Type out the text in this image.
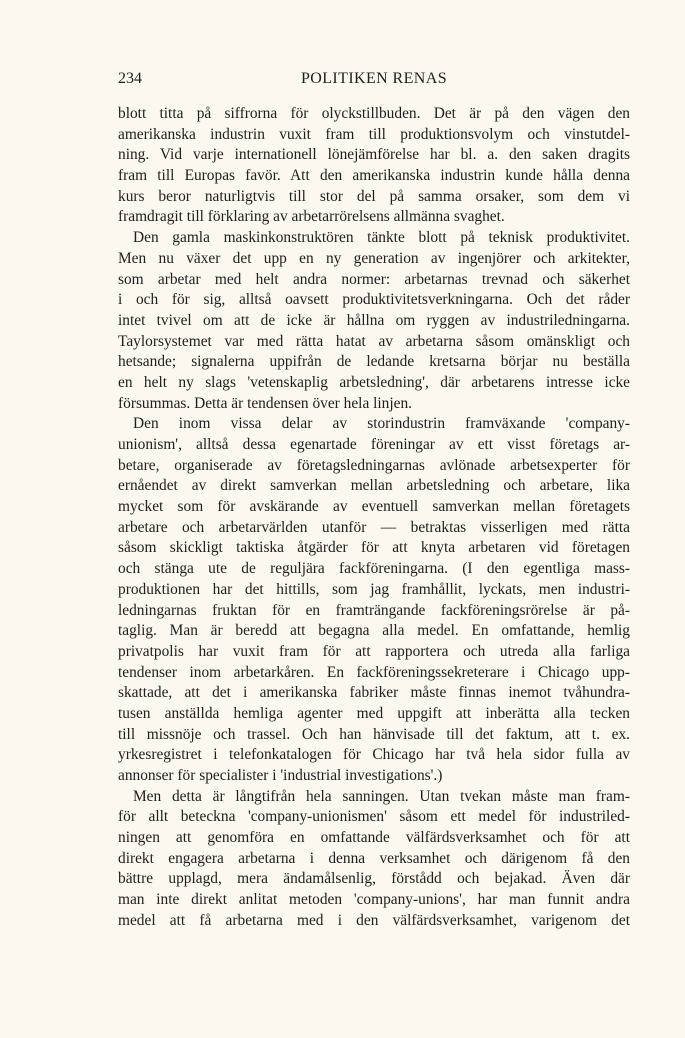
234	POLITIKEN RENAS
blott titta på siffrorna för olyckstillbuden. Det är på den vägen den
amerikanska industrin vuxit fram till produktionsvolym och vinstutdel-
ning. Vid varje internationell lönejämförelse har bl. a. den saken dragits
fram till Europas favör. Att den amerikanska industrin kunde hålla denna
kurs beror naturligtvis till stor del på samma orsaker, som dem vi
framdragit till förklaring av arbetarrörelsens allmänna svaghet.
Den gamla maskinkonstruktören tänkte blott på teknisk produktivitet.
Men nu växer det upp en ny generation av ingenjörer och arkitekter,
som arbetar med helt andra normer: arbetarnas trevnad och säkerhet
i och för sig, alltså oavsett produktivitetsverkningarna. Och det råder
intet tvivel om att de icke är hållna om ryggen av industriledningarna.
Taylorsystemet var med rätta hatat av arbetarna såsom omänskligt och
hetsande; signalerna uppifrån de ledande kretsarna börjar nu beställa
en helt ny slags 'vetenskaplig arbetsledning', där arbetarens intresse icke
försummas. Detta är tendensen över hela linjen.
Den inom vissa delar av storindustrin framväxande 'company-
unionism', alltså dessa egenartade föreningar av ett visst företags ar-
betare, organiserade av företagsledningarnas avlönade arbetsexperter för
ernåendet av direkt samverkan mellan arbetsledning och arbetare, lika
mycket som för avskärande av eventuell samverkan mellan företagets
arbetare och arbetarvärlden utanför — betraktas visserligen med rätta
såsom skickligt taktiska åtgärder för att knyta arbetaren vid företagen
och stänga ute de reguljära fackföreningarna. (I den egentliga mass-
produktionen har det hittills, som jag framhållit, lyckats, men industri-
ledningarnas fruktan för en framträngande fackföreningsrörelse är på-
taglig. Man är beredd att begagna alla medel. En omfattande, hemlig
privatpolis har vuxit fram för att rapportera och utreda alla farliga
tendenser inom arbetarkåren. En fackföreningssekreterare i Chicago upp-
skattade, att det i amerikanska fabriker måste finnas inemot tvåhundra-
tusen anställda hemliga agenter med uppgift att inberätta alla tecken
till missnöje och trassel. Och han hänvisade till det faktum, att t. ex.
yrkesregistret i telefonkatalogen för Chicago har två hela sidor fulla av
annonser för specialister i 'industrial investigations'.)
Men detta är långtifrån hela sanningen. Utan tvekan måste man fram-
för allt beteckna 'company-unionismen' såsom ett medel för industriled-
ningen att genomföra en omfattande välfärdsverksamhet och för att
direkt engagera arbetarna i denna verksamhet och därigenom få den
bättre upplagd, mera ändamålsenlig, förstådd och bejakad. Även där
man inte direkt anlitat metoden 'company-unions', har man funnit andra
medel att få arbetarna med i den välfärdsverksamhet, varigenom det
